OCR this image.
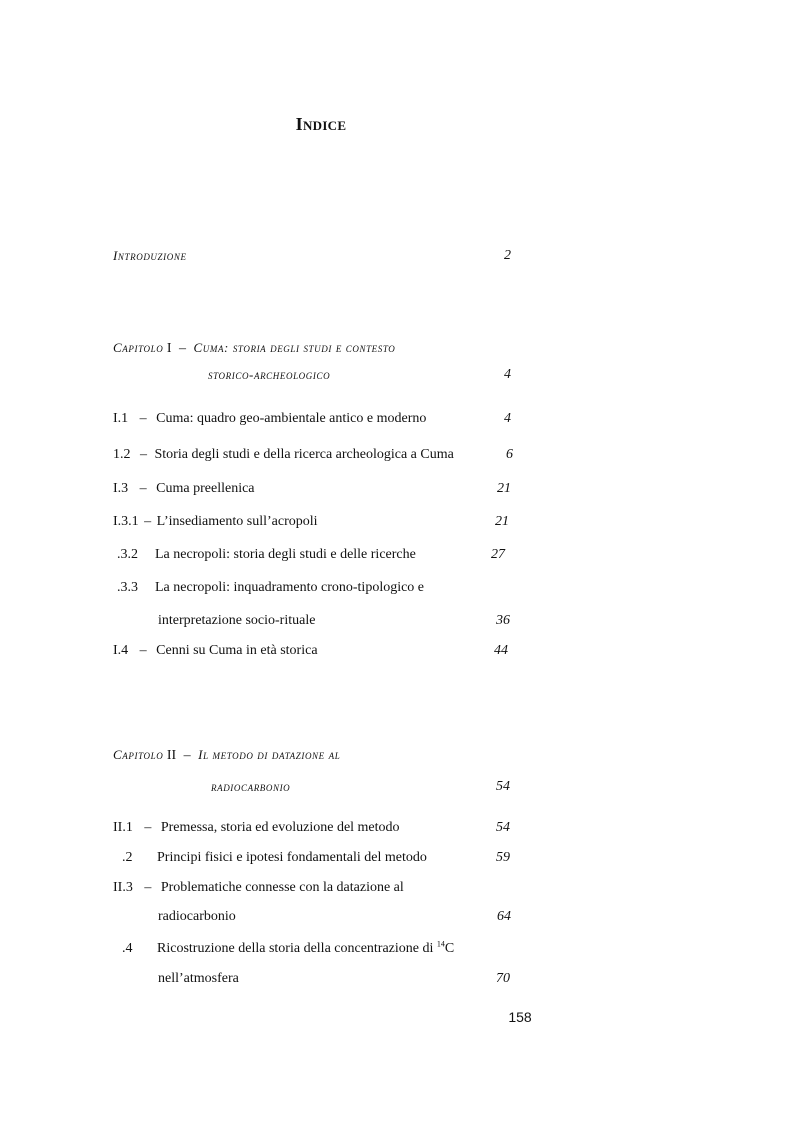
Indice
Introduzione	2
Capitolo I – Cuma: storia degli studi e contesto
storico-archeologico	4
I.1 – Cuma: quadro geo-ambientale antico e moderno	4
1.2 – Storia degli studi e della ricerca archeologica a Cuma	6
I.3 – Cuma preellenica	21
I.3.1 – L’insediamento sull’acropoli	21
.3.2 La necropoli: storia degli studi e delle ricerche	27
.3.3 La necropoli: inquadramento crono-tipologico e
interpretazione socio-rituale	36
I.4 – Cenni su Cuma in età storica	44
Capitolo II – Il metodo di datazione al
radiocarbonio	54
II.1 – Premessa, storia ed evoluzione del metodo	54
.2 Principi fisici e ipotesi fondamentali del metodo	59
II.3 – Problematiche connesse con la datazione al
radiocarbonio	64
.4 Ricostruzione della storia della concentrazione di $^{14}$C
nell’atmosfera	70
158
